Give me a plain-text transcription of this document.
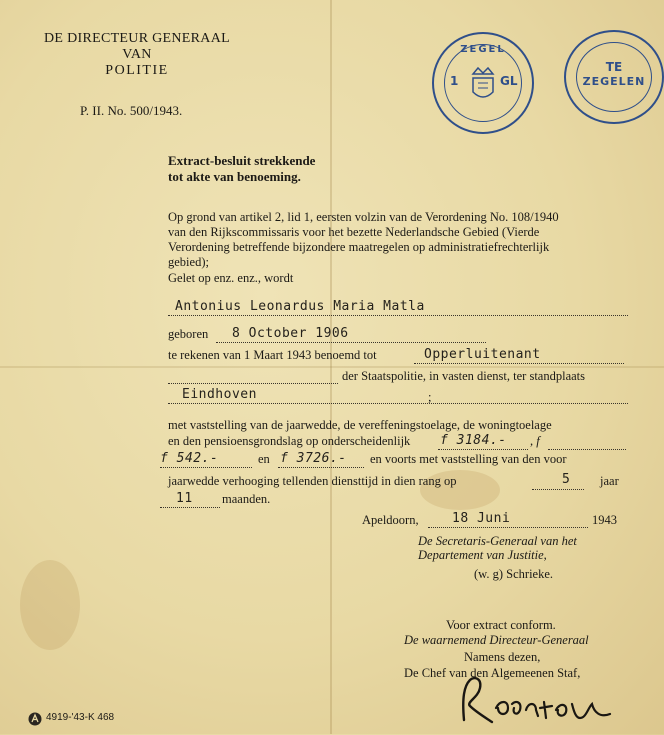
DE DIRECTEUR GENERAAL
VAN
POLITIE
P. II. No. 500/1943.
ZEGEL
1	GL
TE
ZEGELEN
Extract-besluit strekkende
tot akte van benoeming.
Op grond van artikel 2, lid 1, eersten volzin van de Verordening No. 108/1940
van den Rijkscommissaris voor het bezette Nederlandsche Gebied (Vierde
Verordening betreffende bijzondere maatregelen op administratiefrechterlijk
gebied);
Gelet op enz. enz., wordt
Antonius Leonardus Maria Matla
geboren 8 October 1906
te rekenen van 1 Maart 1943 benoemd tot	Opperluitenant
der Staatspolitie, in vasten dienst, ter standplaats
Eindhoven	;
met vaststelling van de jaarwedde, de vereffeningstoelage, de woningtoelage
en den pensioensgrondslag op onderscheidenlijk f 3184.- , f
f 542.-	en f 3726.- en voorts met vaststelling van den voor
jaarwedde verhooging tellenden diensttijd in dien rang op	5 jaar
11 maanden.
Apeldoorn,	18 Juni	1943
De Secretaris-Generaal van het
Departement van Justitie,
(w. g) Schrieke.
Voor extract conform.
De waarnemend Directeur-Generaal
Namens dezen,
De Chef van den Algemeenen Staf,
4919-'43-K 468
